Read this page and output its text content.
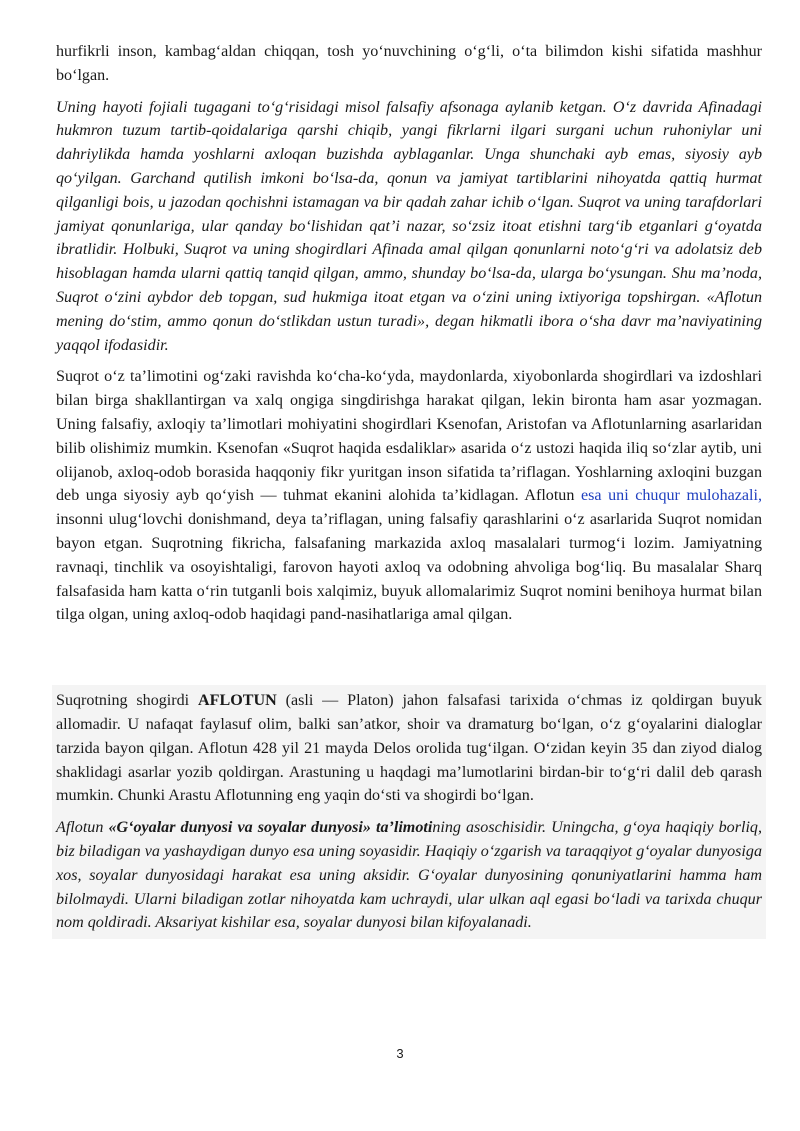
hurfikrli inson, kambag‘aldan chiqqan, tosh yo‘nuvchining o‘g‘li, o‘ta bilimdon kishi sifatida mashhur bo‘lgan.

Uning hayoti fojiali tugagani to‘g‘risidagi misol falsafiy afsonaga aylanib ketgan. O‘z davrida Afinadagi hukmron tuzum tartib-qoidalariga qarshi chiqib, yangi fikrlarni ilgari surgani uchun ruhoniylar uni dahriylikda hamda yoshlarni axloqan buzishda ayblaganlar. Unga shunchaki ayb emas, siyosiy ayb qo‘yilgan. Garchand qutilish imkoni bo‘lsa-da, qonun va jamiyat tartiblarini nihoyatda qattiq hurmat qilganligi bois, u jazodan qochishni istamagan va bir qadah zahar ichib o‘lgan. Suqrot va uning tarafdorlari jamiyat qonunlariga, ular qanday bo‘lishidan qat’i nazar, so‘zsiz itoat etishni targ‘ib etganlari g‘oyatda ibratlidir. Holbuki, Suqrot va uning shogirdlari Afinada amal qilgan qonunlarni noto‘g‘ri va adolatsiz deb hisoblagan hamda ularni qattiq tanqid qilgan, ammo, shunday bo‘lsa-da, ularga bo‘ysungan. Shu ma’noda, Suqrot o‘zini aybdor deb topgan, sud hukmiga itoat etgan va o‘zini uning ixtiyoriga topshirgan. «Aflotun mening do‘stim, ammo qonun do‘stlikdan ustun turadi», degan hikmatli ibora o‘sha davr ma’naviyatining yaqqol ifodasidir.

Suqrot o‘z ta’limotini og‘zaki ravishda ko‘cha-ko‘yda, maydonlarda, xiyobonlarda shogirdlari va izdoshlari bilan birga shakllantirgan va xalq ongiga singdirishga harakat qilgan, lekin bironta ham asar yozmagan. Uning falsafiy, axloqiy ta’limotlari mohiyatini shogirdlari Ksenofan, Aristofan va Aflotunlarning asarlaridan bilib olishimiz mumkin. Ksenofan «Suqrot haqida esdaliklar» asarida o‘z ustozi haqida iliq so‘zlar aytib, uni olijanob, axloq-odob borasida haqqoniy fikr yuritgan inson sifatida ta’riflagan. Yoshlarning axloqini buzgan deb unga siyosiy ayb qo‘yish — tuhmat ekanini alohida ta’kidlagan. Aflotun esa uni chuqur mulohazali, insonni ulug‘lovchi donishmand, deya ta’riflagan, uning falsafiy qarashlarini o‘z asarlarida Suqrot nomidan bayon etgan. Suqrotning fikricha, falsafaning markazida axloq masalalari turmog‘i lozim. Jamiyatning ravnaqi, tinchlik va osoyishtaligi, farovon hayoti axloq va odobning ahvoliga bog‘liq. Bu masalalar Sharq falsafasida ham katta o‘rin tutganli bois xalqimiz, buyuk allomalarimiz Suqrot nomini benihoya hurmat bilan tilga olgan, uning axloq-odob haqidagi pand-nasihatlariga amal qilgan.

Suqrotning shogirdi AFLOTUN (asli — Platon) jahon falsafasi tarixida o‘chmas iz qoldirgan buyuk allomadir. U nafaqat faylasuf olim, balki san’atkor, shoir va dramaturg bo‘lgan, o‘z g‘oyalarini dialoglar tarzida bayon qilgan. Aflotun 428 yil 21 mayda Delos orolida tug‘ilgan. O‘zidan keyin 35 dan ziyod dialog shaklidagi asarlar yozib qoldirgan. Arastuning u haqdagi ma’lumotlarini birdan-bir to‘g‘ri dalil deb qarash mumkin. Chunki Arastu Aflotunning eng yaqin do‘sti va shogirdi bo‘lgan.

Aflotun «G‘oyalar dunyosi va soyalar dunyosi» ta’limotining asoschisidir. Uningcha, g‘oya haqiqiy borliq, biz biladigan va yashaydigan dunyo esa uning soyasidir. Haqiqiy o‘zgarish va taraqqiyot g‘oyalar dunyosiga xos, soyalar dunyosidagi harakat esa uning aksidir. G‘oyalar dunyosining qonuniyatlarini hamma ham bilolmaydi. Ularni biladigan zotlar nihoyatda kam uchraydi, ular ulkan aql egasi bo‘ladi va tarixda chuqur nom qoldiradi. Aksariyat kishilar esa, soyalar dunyosi bilan kifoyalanadi.

3
